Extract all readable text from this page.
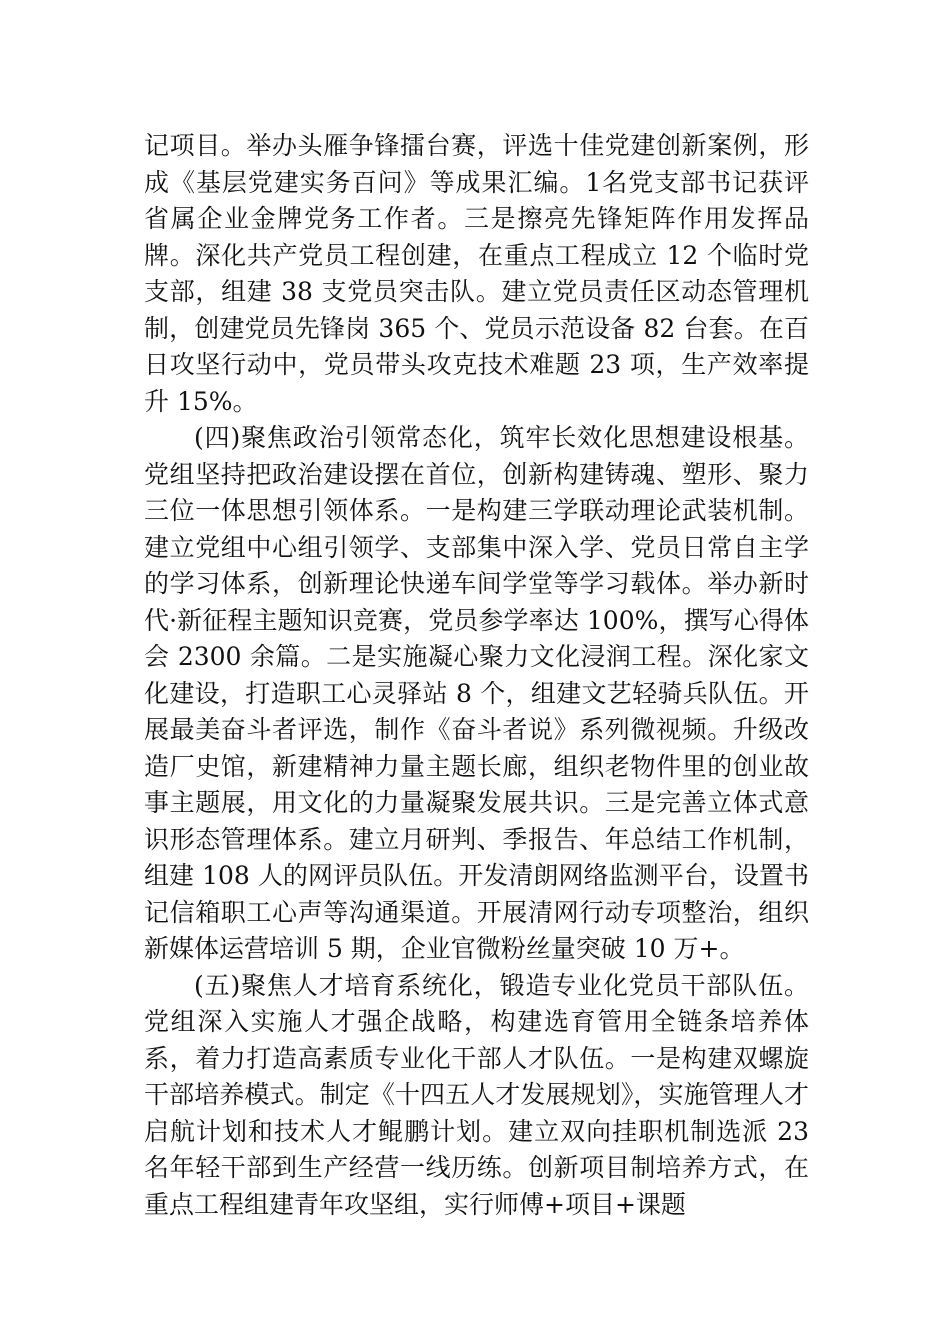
记项目。举办头雁争锋擂台赛，评选十佳党建创新案例，形成《基层党建实务百问》等成果汇编。1名党支部书记获评省属企业金牌党务工作者。三是擦亮先锋矩阵作用发挥品牌。深化共产党员工程创建，在重点工程成立 12 个临时党支部，组建 38 支党员突击队。建立党员责任区动态管理机制，创建党员先锋岗 365 个、党员示范设备 82 台套。在百日攻坚行动中，党员带头攻克技术难题 23 项，生产效率提升 15%。

(四)聚焦政治引领常态化，筑牢长效化思想建设根基。党组坚持把政治建设摆在首位，创新构建铸魂、塑形、聚力三位一体思想引领体系。一是构建三学联动理论武装机制。建立党组中心组引领学、支部集中深入学、党员日常自主学的学习体系，创新理论快递车间学堂等学习载体。举办新时代·新征程主题知识竞赛，党员参学率达 100%，撰写心得体会 2300 余篇。二是实施凝心聚力文化浸润工程。深化家文化建设，打造职工心灵驿站 8 个，组建文艺轻骑兵队伍。开展最美奋斗者评选，制作《奋斗者说》系列微视频。升级改造厂史馆，新建精神力量主题长廊，组织老物件里的创业故事主题展，用文化的力量凝聚发展共识。三是完善立体式意识形态管理体系。建立月研判、季报告、年总结工作机制，组建 108 人的网评员队伍。开发清朗网络监测平台，设置书记信箱职工心声等沟通渠道。开展清网行动专项整治，组织新媒体运营培训 5 期，企业官微粉丝量突破 10 万+。

(五)聚焦人才培育系统化，锻造专业化党员干部队伍。党组深入实施人才强企战略，构建选育管用全链条培养体系，着力打造高素质专业化干部人才队伍。一是构建双螺旋干部培养模式。制定《十四五人才发展规划》，实施管理人才启航计划和技术人才鲲鹏计划。建立双向挂职机制选派 23 名年轻干部到生产经营一线历练。创新项目制培养方式，在重点工程组建青年攻坚组，实行师傅+项目+课题
